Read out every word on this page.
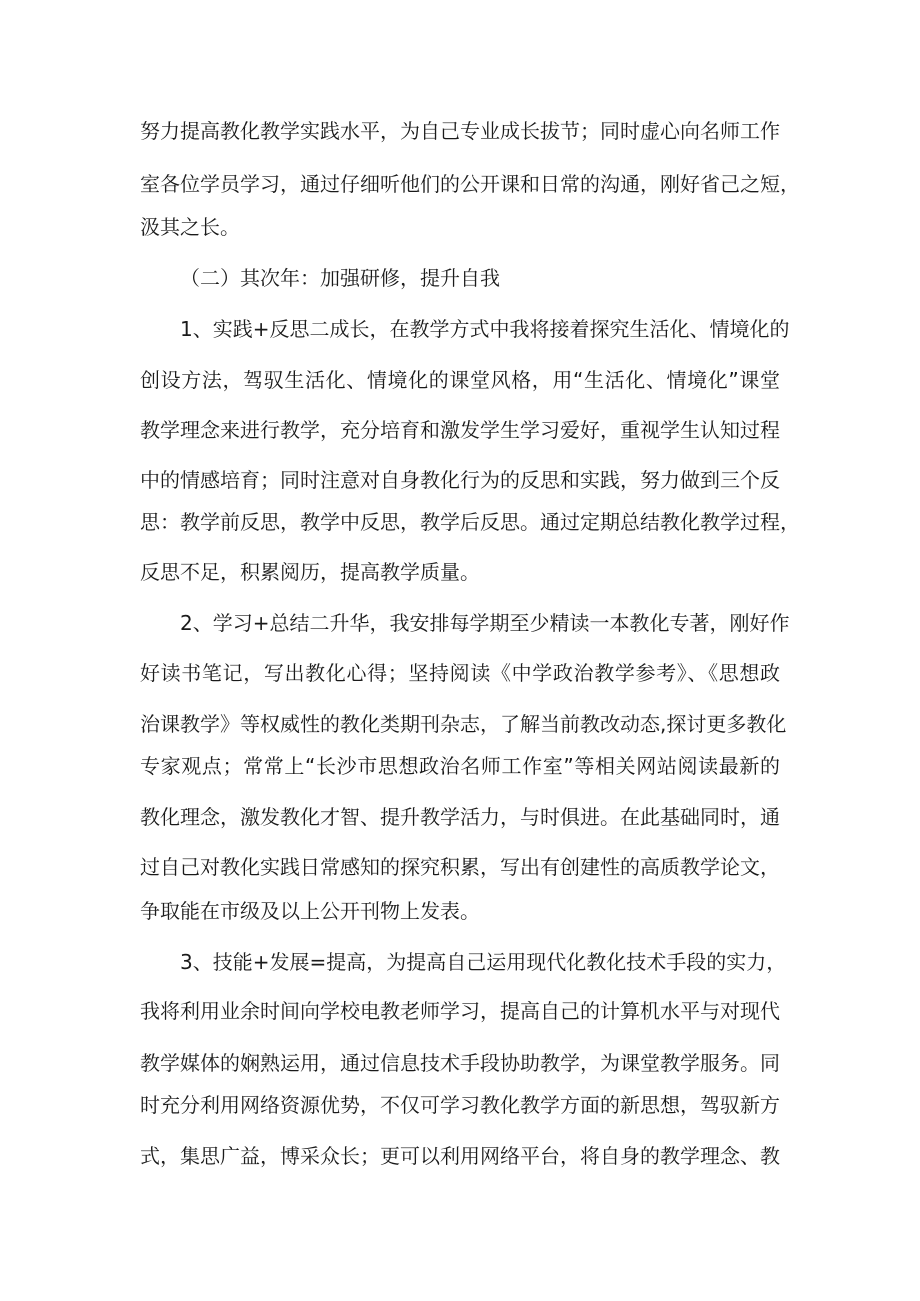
努力提高教化教学实践水平，为自己专业成长拔节；同时虚心向名师工作
室各位学员学习，通过仔细听他们的公开课和日常的沟通，刚好省己之短，
汲其之长。
（二）其次年：加强研修，提升自我
1、实践+反思二成长，在教学方式中我将接着探究生活化、情境化的
创设方法，驾驭生活化、情境化的课堂风格，用“生活化、情境化”课堂
教学理念来进行教学，充分培育和激发学生学习爱好，重视学生认知过程
中的情感培育；同时注意对自身教化行为的反思和实践，努力做到三个反
思：教学前反思，教学中反思，教学后反思。通过定期总结教化教学过程，
反思不足，积累阅历，提高教学质量。
2、学习+总结二升华，我安排每学期至少精读一本教化专著，刚好作
好读书笔记，写出教化心得；坚持阅读《中学政治教学参考》、《思想政
治课教学》等权威性的教化类期刊杂志，了解当前教改动态,探讨更多教化
专家观点；常常上“长沙市思想政治名师工作室”等相关网站阅读最新的
教化理念，激发教化才智、提升教学活力，与时俱进。在此基础同时，通
过自己对教化实践日常感知的探究积累，写出有创建性的高质教学论文，
争取能在市级及以上公开刊物上发表。
3、技能+发展=提高，为提高自己运用现代化教化技术手段的实力，
我将利用业余时间向学校电教老师学习，提高自己的计算机水平与对现代
教学媒体的娴熟运用，通过信息技术手段协助教学，为课堂教学服务。同
时充分利用网络资源优势，不仅可学习教化教学方面的新思想，驾驭新方
式，集思广益，博采众长；更可以利用网络平台，将自身的教学理念、教
